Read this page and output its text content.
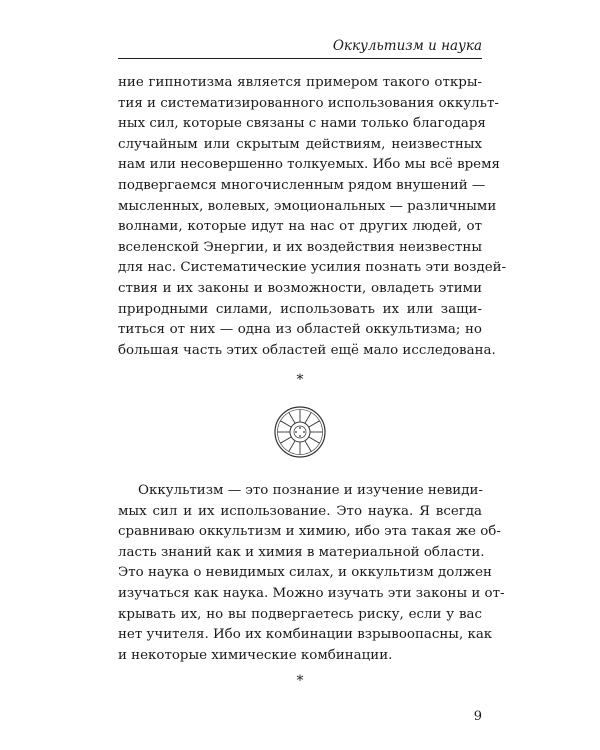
Оккультизм и наука
ние гипнотизма является примером такого откры-
тия и систематизированного использования оккульт-
ных сил, которые связаны с нами только благодаря
случайным или скрытым действиям, неизвестных
нам или несовершенно толкуемых. Ибо мы всё время
подвергаемся многочисленным рядом внушений —
мысленных, волевых, эмоциональных — различными
волнами, которые идут на нас от других людей, от
вселенской Энергии, и их воздействия неизвестны
для нас. Систематические усилия познать эти воздей-
ствия и их законы и возможности, овладеть этими
природными силами, использовать их или защи-
титься от них — одна из областей оккультизма; но
большая часть этих областей ещё мало исследована.
*
Оккультизм — это познание и изучение невиди-
мых сил и их использование. Это наука. Я всегда
сравниваю оккультизм и химию, ибо эта такая же об-
ласть знаний как и химия в материальной области.
Это наука о невидимых силах, и оккультизм должен
изучаться как наука. Можно изучать эти законы и от-
крывать их, но вы подвергаетесь риску, если у вас
нет учителя. Ибо их комбинации взрывоопасны, как
и некоторые химические комбинации.
*
9
